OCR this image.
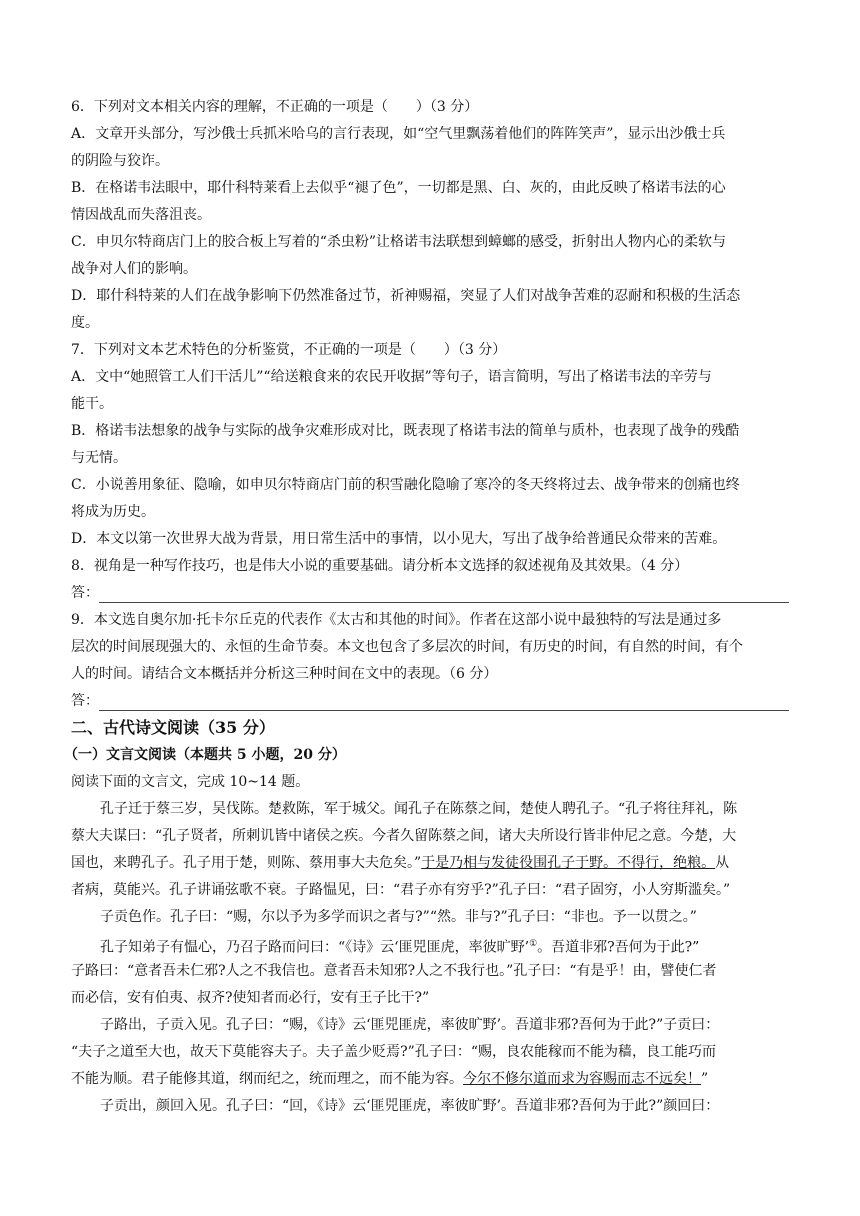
6．下列对文本相关内容的理解，不正确的一项是（　　）（3 分）
A．文章开头部分，写沙俄士兵抓米哈乌的言行表现，如“空气里飘荡着他们的阵阵笑声”，显示出沙俄士兵
的阴险与狡诈。
B．在格诺韦法眼中，耶什科特莱看上去似乎“褪了色”，一切都是黑、白、灰的，由此反映了格诺韦法的心
情因战乱而失落沮丧。
C．申贝尔特商店门上的胶合板上写着的“杀虫粉”让格诺韦法联想到蟑螂的感受，折射出人物内心的柔软与
战争对人们的影响。
D．耶什科特莱的人们在战争影响下仍然准备过节，祈神赐福，突显了人们对战争苦难的忍耐和积极的生活态
度。
7．下列对文本艺术特色的分析鉴赏，不正确的一项是（　　）（3 分）
A．文中“她照管工人们干活儿”“给送粮食来的农民开收据”等句子，语言简明，写出了格诺韦法的辛劳与
能干。
B．格诺韦法想象的战争与实际的战争灾难形成对比，既表现了格诺韦法的简单与质朴，也表现了战争的残酷
与无情。
C．小说善用象征、隐喻，如申贝尔特商店门前的积雪融化隐喻了寒冷的冬天终将过去、战争带来的创痛也终
将成为历史。
D．本文以第一次世界大战为背景，用日常生活中的事情，以小见大，写出了战争给普通民众带来的苦难。
8．视角是一种写作技巧，也是伟大小说的重要基础。请分析本文选择的叙述视角及其效果。（4 分）
答：
9．本文选自奥尔加·托卡尔丘克的代表作《太古和其他的时间》。作者在这部小说中最独特的写法是通过多
层次的时间展现强大的、永恒的生命节奏。本文也包含了多层次的时间，有历史的时间，有自然的时间，有个
人的时间。请结合文本概括并分析这三种时间在文中的表现。（6 分）
答：
二、古代诗文阅读（35 分）
（一）文言文阅读（本题共 5 小题，20 分）
阅读下面的文言文，完成 10~14 题。
孔子迁于蔡三岁，吴伐陈。楚救陈，军于城父。闻孔子在陈蔡之间，楚使人聘孔子。“孔子将往拜礼，陈
蔡大夫谋曰：“孔子贤者，所刺讥皆中诸侯之疾。今者久留陈蔡之间，诸大夫所设行皆非仲尼之意。今楚，大
国也，来聘孔子。孔子用于楚，则陈、蔡用事大夫危矣。”于是乃相与发徒役围孔子于野。不得行，绝粮。从
者病，莫能兴。孔子讲诵弦歌不衰。子路愠见，曰：“君子亦有穷乎?”孔子曰：“君子固穷，小人穷斯滥矣。”
子贡色作。孔子曰：“赐，尔以予为多学而识之者与?”“然。非与?”孔子曰：“非也。予一以贯之。”
孔子知弟子有愠心，乃召子路而问曰：“《诗》云‘匪兕匪虎，率彼旷野’①。吾道非邪?吾何为于此?”
子路曰：“意者吾未仁邪?人之不我信也。意者吾未知邪?人之不我行也。”孔子曰：“有是乎！由，譬使仁者
而必信，安有伯夷、叔齐?使知者而必行，安有王子比干?”
子路出，子贡入见。孔子曰：“赐，《诗》云‘匪兕匪虎，率彼旷野’。吾道非邪?吾何为于此?”子贡曰：
“夫子之道至大也，故天下莫能容夫子。夫子盖少贬焉?”孔子曰：“赐，良农能稼而不能为穑，良工能巧而
不能为顺。君子能修其道，纲而纪之，统而理之，而不能为容。今尔不修尔道而求为容赐而志不远矣！”
子贡出，颜回入见。孔子曰：“回，《诗》云‘匪兕匪虎，率彼旷野’。吾道非邪?吾何为于此?”颜回曰：
